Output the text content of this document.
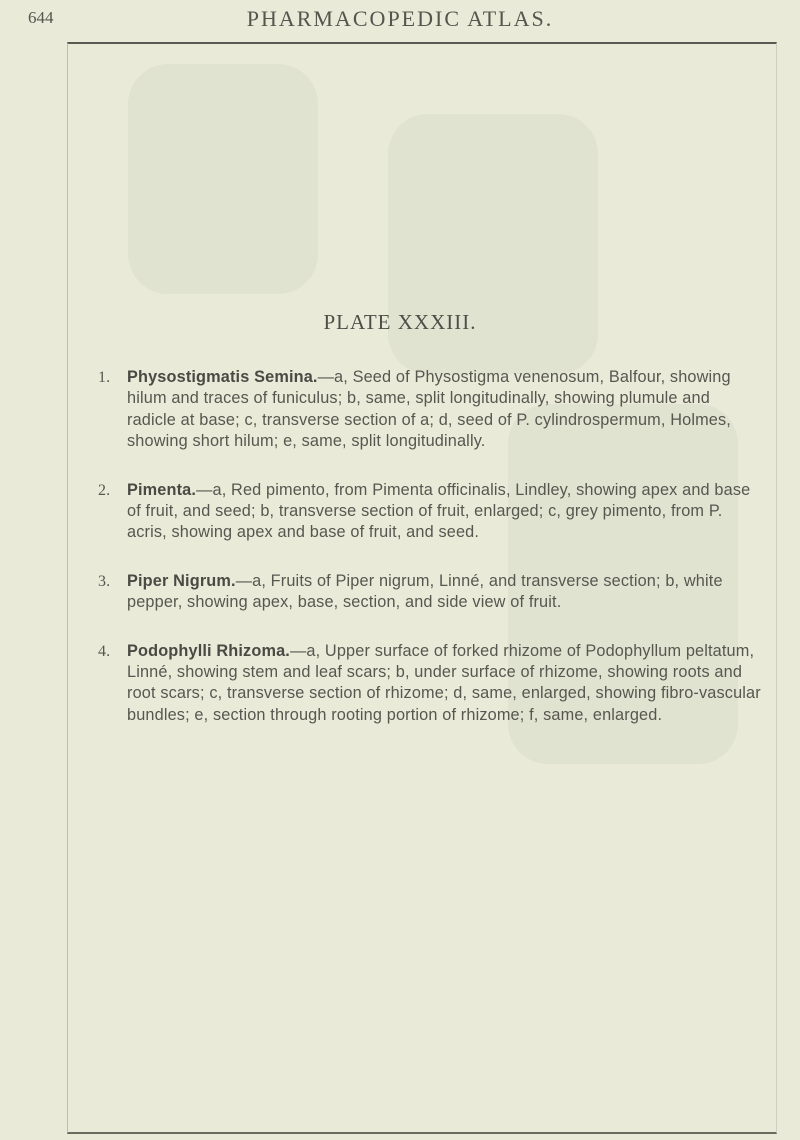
644	PHARMACOPEDIC ATLAS.
PLATE XXXIII.
1. Physostigmatis Semina.—a, Seed of Physostigma venenosum, Balfour, showing hilum and traces of funiculus; b, same, split longitudinally, showing plumule and radicle at base; c, transverse section of a; d, seed of P. cylindrospermum, Holmes, showing short hilum; e, same, split longitudinally.
2. Pimenta.—a, Red pimento, from Pimenta officinalis, Lindley, showing apex and base of fruit, and seed; b, transverse section of fruit, enlarged; c, grey pimento, from P. acris, showing apex and base of fruit, and seed.
3. Piper Nigrum.—a, Fruits of Piper nigrum, Linné, and transverse section; b, white pepper, showing apex, base, section, and side view of fruit.
4. Podophylli Rhizoma.—a, Upper surface of forked rhizome of Podophyllum peltatum, Linné, showing stem and leaf scars; b, under surface of rhizome, showing roots and root scars; c, transverse section of rhizome; d, same, enlarged, showing fibro-vascular bundles; e, section through rooting portion of rhizome; f, same, enlarged.
